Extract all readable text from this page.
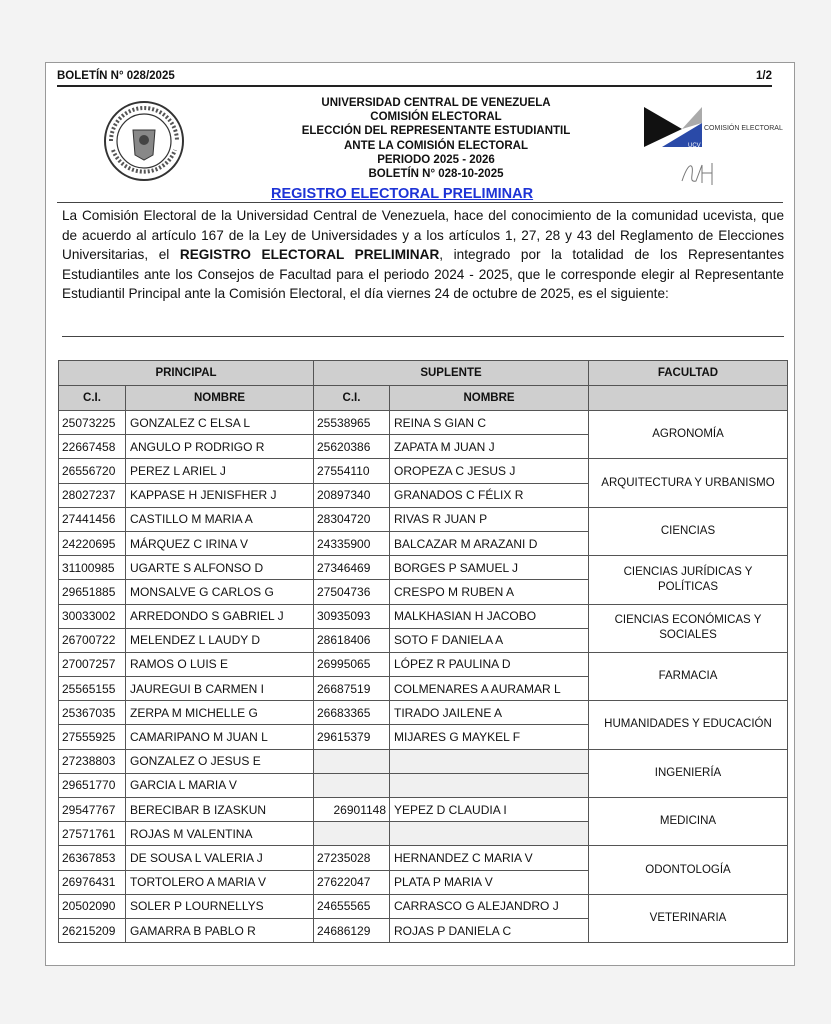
BOLETÍN N° 028/2025	1/2
UNIVERSIDAD CENTRAL DE VENEZUELA
COMISIÓN ELECTORAL
ELECCIÓN DEL REPRESENTANTE ESTUDIANTIL
ANTE LA COMISIÓN ELECTORAL
PERIODO 2025 - 2026
BOLETÍN N° 028-10-2025
REGISTRO ELECTORAL PRELIMINAR
COMISIÓN ELECTORAL
UCV

La Comisión Electoral de la Universidad Central de Venezuela, hace del conocimiento de la comunidad ucevista, que de acuerdo al artículo 167 de la Ley de Universidades y a los artículos 1, 27, 28 y 43 del Reglamento de Elecciones Universitarias, el REGISTRO ELECTORAL PRELIMINAR, integrado por la totalidad de los Representantes Estudiantiles ante los Consejos de Facultad para el periodo 2024 - 2025, que le corresponde elegir al Representante Estudiantil Principal ante la Comisión Electoral, el día viernes 24 de octubre de 2025, es el siguiente:

PRINCIPAL		SUPLENTE		FACULTAD
C.I.	NOMBRE	C.I.	NOMBRE	
25073225	GONZALEZ C ELSA L	25538965	REINA S GIAN C	AGRONOMÍA
22667458	ANGULO P RODRIGO R	25620386	ZAPATA M JUAN J	
26556720	PEREZ L ARIEL J	27554110	OROPEZA C JESUS J	ARQUITECTURA Y URBANISMO
28027237	KAPPASE H JENISFHER J	20897340	GRANADOS C FÉLIX R	
27441456	CASTILLO M MARIA A	28304720	RIVAS R JUAN P	CIENCIAS
24220695	MÁRQUEZ C IRINA V	24335900	BALCAZAR M ARAZANI D	
31100985	UGARTE S ALFONSO D	27346469	BORGES P SAMUEL J	CIENCIAS JURÍDICAS Y POLÍTICAS
29651885	MONSALVE G CARLOS G	27504736	CRESPO M RUBEN A	
30033002	ARREDONDO S GABRIEL J	30935093	MALKHASIAN H JACOBO	CIENCIAS ECONÓMICAS Y SOCIALES
26700722	MELENDEZ L LAUDY D	28618406	SOTO F DANIELA A	
27007257	RAMOS O LUIS E	26995065	LÓPEZ R PAULINA D	FARMACIA
25565155	JAUREGUI B CARMEN I	26687519	COLMENARES A AURAMAR L	
25367035	ZERPA M MICHELLE G	26683365	TIRADO JAILENE A	HUMANIDADES Y EDUCACIÓN
27555925	CAMARIPANO M JUAN L	29615379	MIJARES G MAYKEL F	
27238803	GONZALEZ O JESUS E			INGENIERÍA
29651770	GARCIA L MARIA V			
29547767	BERECIBAR B IZASKUN	26901148	YEPEZ D CLAUDIA I	MEDICINA
27571761	ROJAS M VALENTINA			
26367853	DE SOUSA L VALERIA J	27235028	HERNANDEZ C MARIA V	ODONTOLOGÍA
26976431	TORTOLERO A MARIA V	27622047	PLATA P MARIA V	
20502090	SOLER P LOURNELLYS	24655565	CARRASCO G ALEJANDRO J	VETERINARIA
26215209	GAMARRA B PABLO R	24686129	ROJAS P DANIELA C	
